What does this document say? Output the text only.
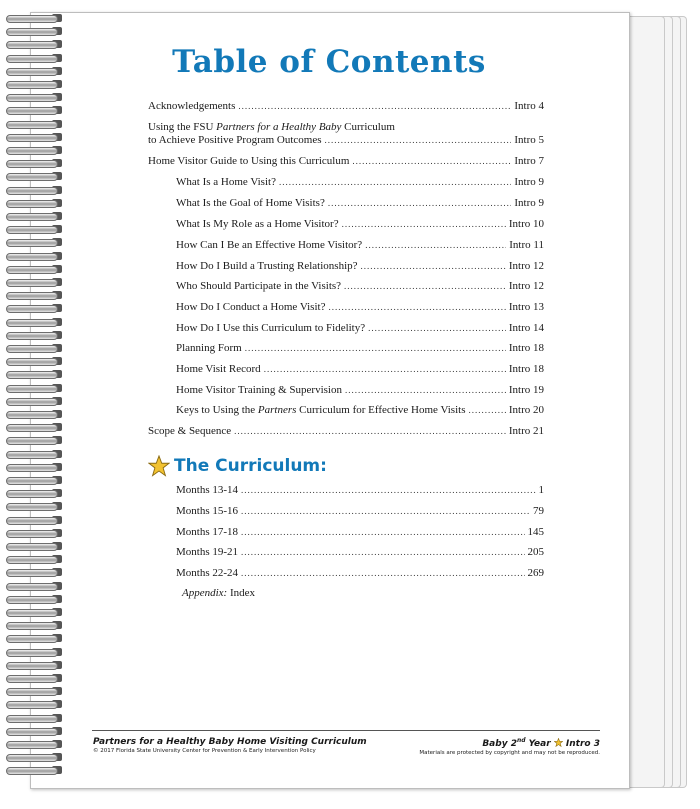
Table of Contents
Acknowledgements .....	Intro 4
Using the FSU Partners for a Healthy Baby Curriculum
to Achieve Positive Program Outcomes .....	Intro 5
Home Visitor Guide to Using this Curriculum .....	Intro 7
What Is a Home Visit? .....	Intro 9
What Is the Goal of Home Visits? .....	Intro 9
What Is My Role as a Home Visitor? .....	Intro 10
How Can I Be an Effective Home Visitor? .....	Intro 11
How Do I Build a Trusting Relationship? .....	Intro 12
Who Should Participate in the Visits? .....	Intro 12
How Do I Conduct a Home Visit? .....	Intro 13
How Do I Use this Curriculum to Fidelity? .....	Intro 14
Planning Form .....	Intro 18
Home Visit Record .....	Intro 18
Home Visitor Training & Supervision .....	Intro 19
Keys to Using the Partners Curriculum for Effective Home Visits .....	Intro 20
Scope & Sequence .....	Intro 21
The Curriculum:
Months 13-14 .....	1
Months 15-16 .....	79
Months 17-18 .....	145
Months 19-21 .....	205
Months 22-24 .....	269
Appendix: Index
Partners for a Healthy Baby Home Visiting Curriculum
© 2017 Florida State University Center for Prevention & Early Intervention Policy
Baby 2nd Year Intro 3
Materials are protected by copyright and may not be reproduced.
